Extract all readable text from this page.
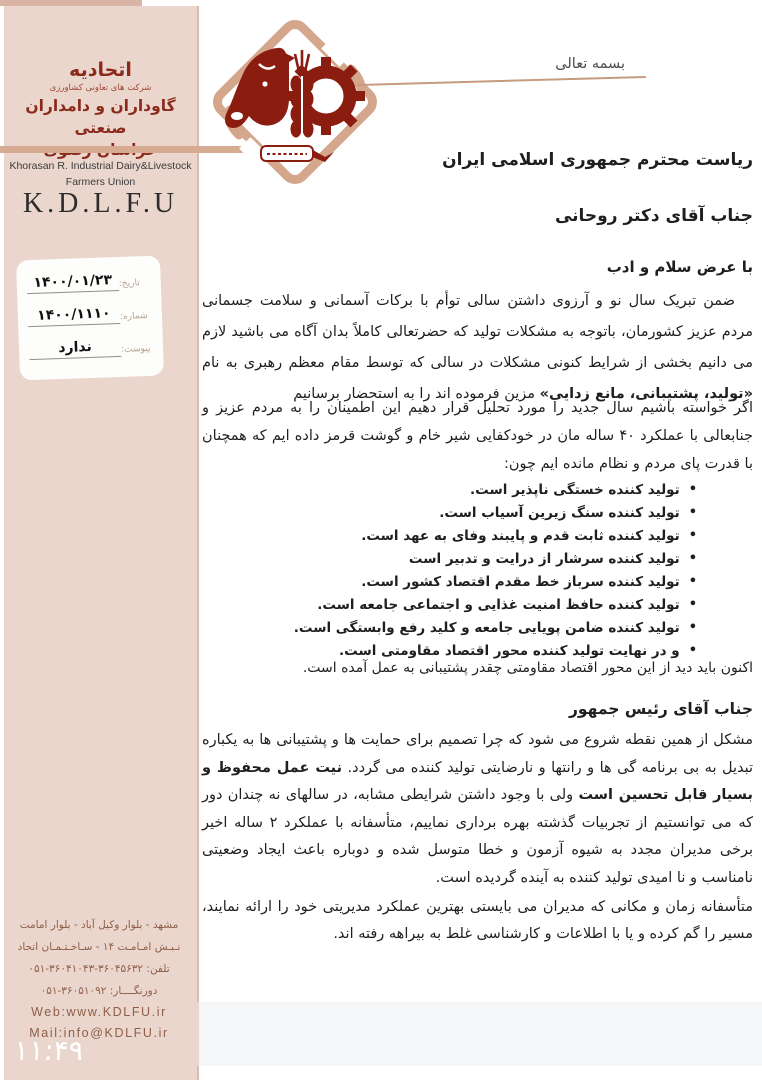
اتحادیه
شرکت های تعاونی کشاورزی
گاوداران و دامداران صنعتی
Khorasan R. Industrial Dairy&Livestock
Farmers Union
K.D.L.F.U
تاریخ:
۱۴۰۰/۰۱/۲۳
شماره:
۱۴۰۰/۱۱۱۰
پیوست:
ندارد
بسمه تعالی
ریاست محترم جمهوری اسلامی ایران
جناب آقای دکتر روحانی
با عرض سلام و ادب
ضمن تبریک سال نو و آرزوی داشتن سالی توأم با برکات آسمانی و سلامت جسمانی مردم عزیز کشورمان، باتوجه به مشکلات تولید که حضرتعالی کاملاً بدان آگاه می باشید لازم می دانیم بخشی از شرایط کنونی مشکلات در سالی که توسط مقام معظم رهبری به نام «تولید، پشتیبانی، مانع زدایی» مزین فرموده اند را به استحضار برسانیم
اگر خواسته باشیم سال جدید را مورد تحلیل قرار دهیم این اطمینان را به مردم عزیز و جنابعالی با عملکرد ۴۰ ساله مان در خودکفایی شیر خام و گوشت قرمز داده ایم که همچنان با قدرت پای مردم و نظام مانده ایم چون:
•
تولید کننده خستگی ناپذیر است.
•
تولید کننده سنگ زیرین آسیاب است.
•
تولید کننده ثابت قدم و پایبند وفای به عهد است.
•
تولید کننده سرشار از درایت و تدبیر است
•
تولید کننده سرباز خط مقدم اقتصاد کشور است.
•
تولید کننده حافظ امنیت غذایی و اجتماعی جامعه است.
•
تولید کننده ضامن پویایی جامعه و کلید رفع وابستگی است.
•
و در نهایت تولید کننده محور اقتصاد مقاومتی است.
اکنون باید دید از این محور اقتصاد مقاومتی چقدر پشتیبانی به عمل آمده است.
جناب آقای رئیس جمهور
مشکل از همین نقطه شروع می شود که چرا تصمیم برای حمایت ها و پشتیبانی ها به یکباره تبدیل به بی برنامه گی ها و رانتها و نارضایتی تولید کننده می گردد. نیت عمل محفوظ و بسیار قابل تحسین است ولی با وجود داشتن شرایطی مشابه، در سالهای نه چندان دور که می توانستیم از تجربیات گذشته بهره برداری نماییم، متأسفانه با عملکرد ۲ ساله اخیر برخی مدیران مجدد به شیوه آزمون و خطا متوسل شده و دوباره باعث ایجاد وضعیتی نامناسب و نا امیدی تولید کننده به آینده گردیده است.
متأسفانه زمان و مکانی که مدیران می بایستی بهترین عملکرد مدیریتی خود را ارائه نمایند، مسیر را گم کرده و یا با اطلاعات و کارشناسی غلط به بیراهه رفته اند.
مشهد - بلوار وکیل آباد - بلوار امامت
نـبـش امـامـت ۱۴ - سـاخـتـمـان اتحاد
تلفن: ۰۵۱-۳۶۰۴۱۰۴۳-۳۶۰۴۵۶۳۲
دورنگــــار: ۰۵۱-۳۶۰۵۱۰۹۲
Web:www.KDLFU.ir
Mail:info@KDLFU.ir
۱۱:۴۹
